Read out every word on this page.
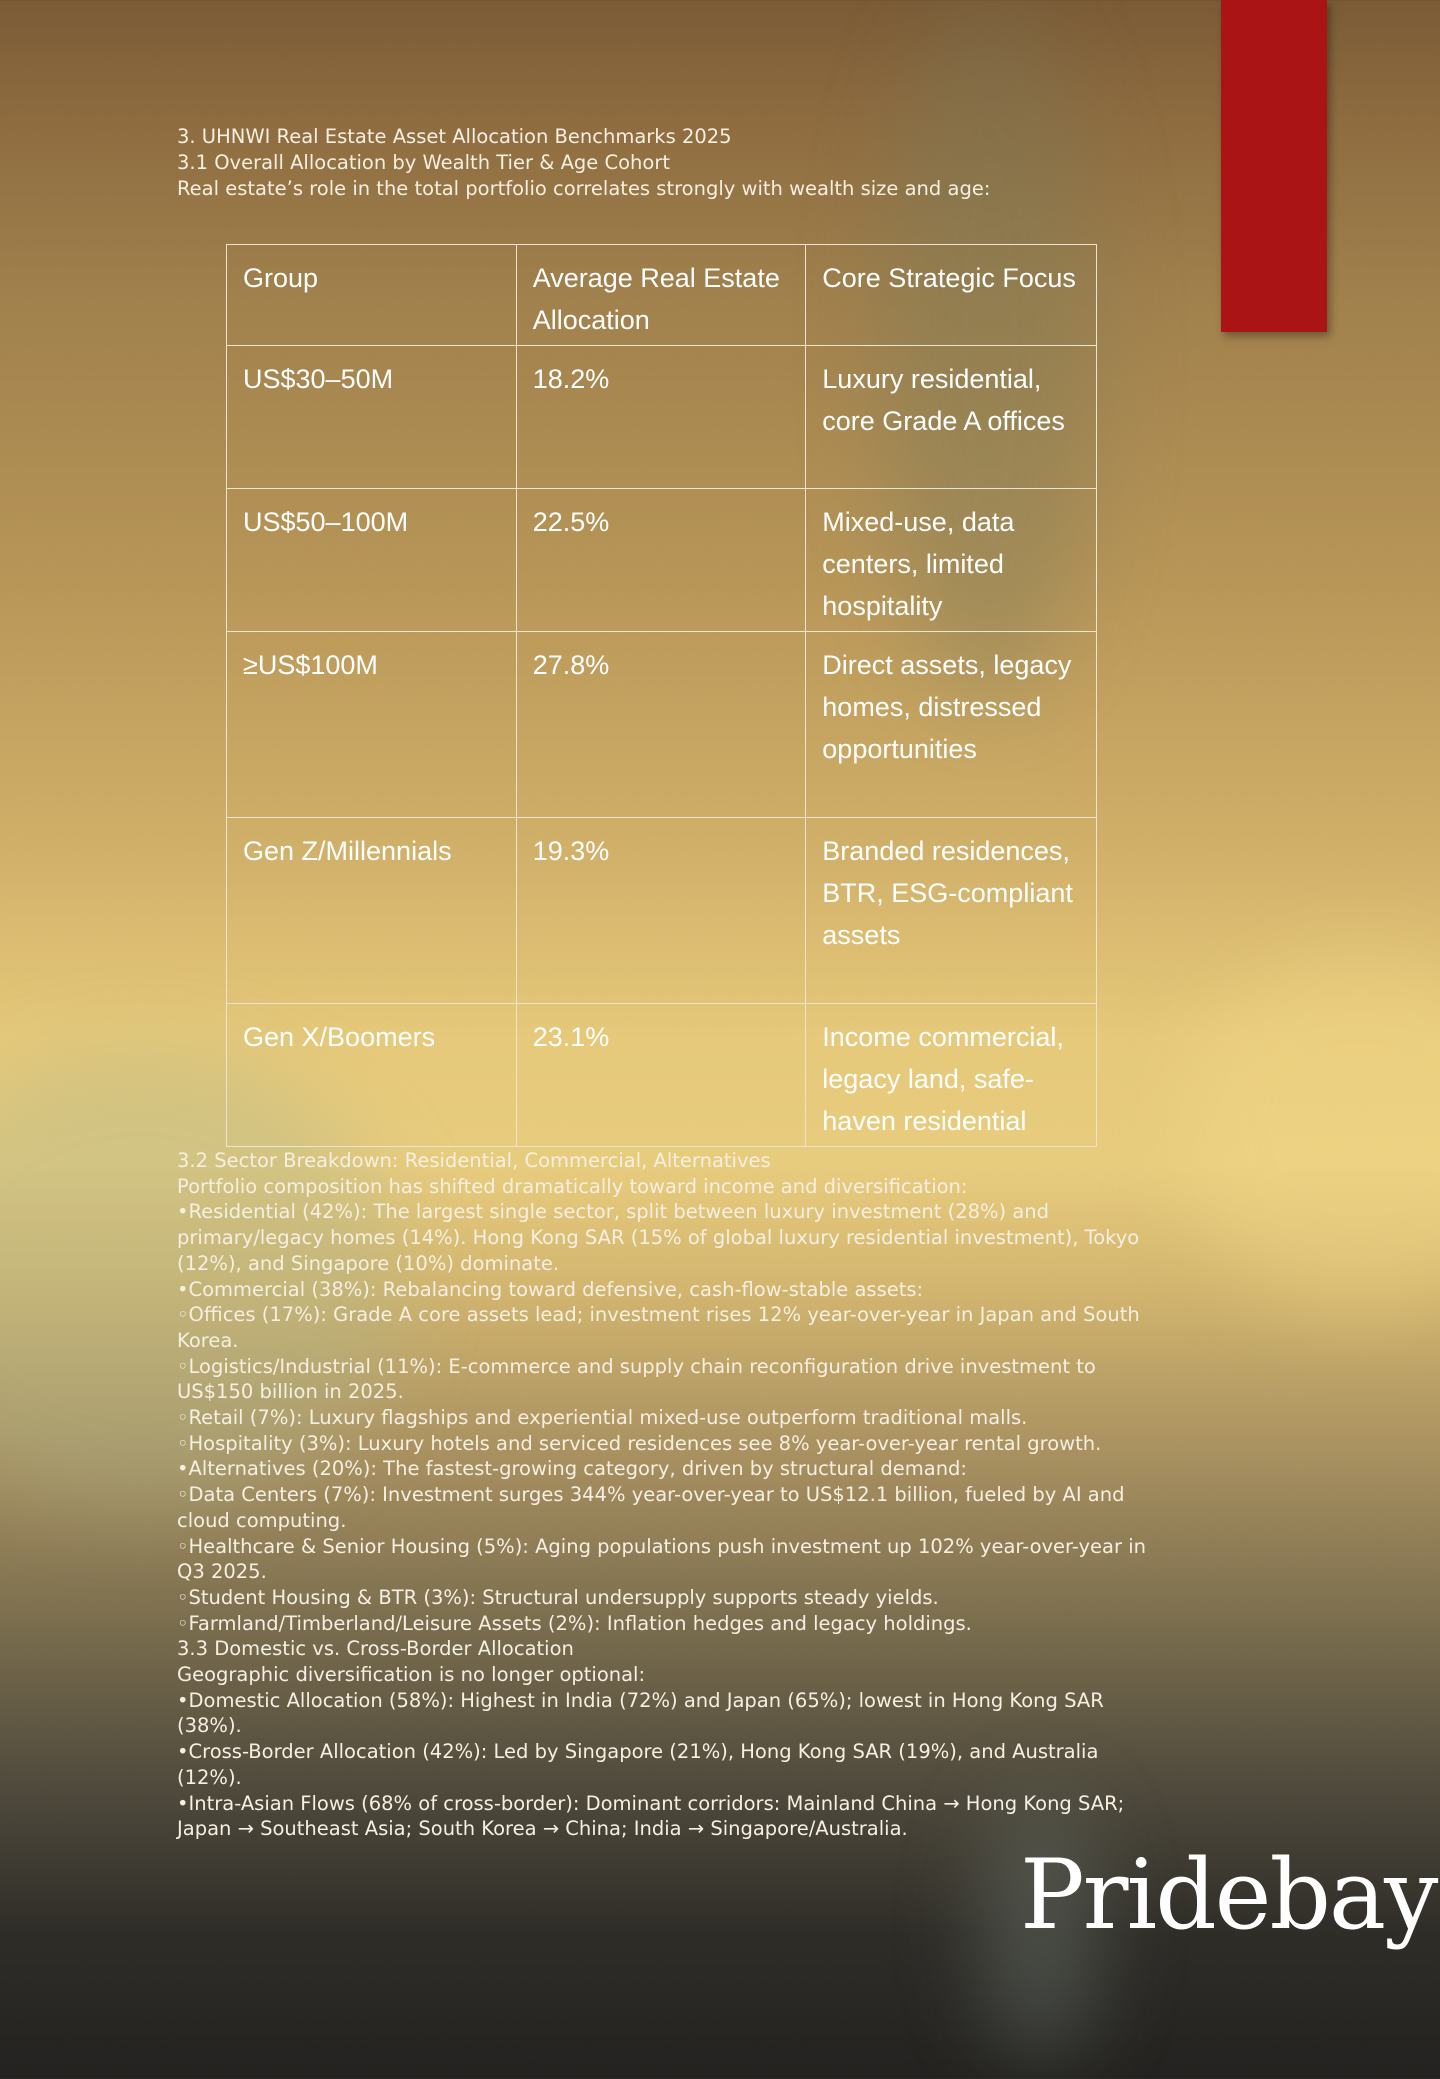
3. UHNWI Real Estate Asset Allocation Benchmarks 2025
3.1 Overall Allocation by Wealth Tier & Age Cohort
Real estate’s role in the total portfolio correlates strongly with wealth size and age:
Group	Average Real Estate Allocation	Core Strategic Focus
US$30–50M	18.2%	Luxury residential, core Grade A offices
US$50–100M	22.5%	Mixed-use, data centers, limited hospitality
≥US$100M	27.8%	Direct assets, legacy homes, distressed opportunities
Gen Z/Millennials	19.3%	Branded residences, BTR, ESG-compliant assets
Gen X/Boomers	23.1%	Income commercial, legacy land, safe-haven residential

3.2 Sector Breakdown: Residential, Commercial, Alternatives

Portfolio composition has shifted dramatically toward income and diversification:

•Residential (42%): The largest single sector, split between luxury investment (28%) and primary/legacy homes (14%). Hong Kong SAR (15% of global luxury residential investment), Tokyo (12%), and Singapore (10%) dominate.

•Commercial (38%): Rebalancing toward defensive, cash-flow-stable assets:

◦Offices (17%): Grade A core assets lead; investment rises 12% year-over-year in Japan and South Korea.

◦Logistics/Industrial (11%): E-commerce and supply chain reconfiguration drive investment to US$150 billion in 2025.

◦Retail (7%): Luxury flagships and experiential mixed-use outperform traditional malls.

◦Hospitality (3%): Luxury hotels and serviced residences see 8% year-over-year rental growth.

•Alternatives (20%): The fastest-growing category, driven by structural demand:

◦Data Centers (7%): Investment surges 344% year-over-year to US$12.1 billion, fueled by AI and cloud computing.

◦Healthcare & Senior Housing (5%): Aging populations push investment up 102% year-over-year in Q3 2025.

◦Student Housing & BTR (3%): Structural undersupply supports steady yields.

◦Farmland/Timberland/Leisure Assets (2%): Inflation hedges and legacy holdings.

3.3 Domestic vs. Cross-Border Allocation

Geographic diversification is no longer optional:

•Domestic Allocation (58%): Highest in India (72%) and Japan (65%); lowest in Hong Kong SAR (38%).

•Cross-Border Allocation (42%): Led by Singapore (21%), Hong Kong SAR (19%), and Australia (12%).

•Intra-Asian Flows (68% of cross-border): Dominant corridors: Mainland China → Hong Kong SAR; Japan → Southeast Asia; South Korea → China; India → Singapore/Australia.

Pridebay
